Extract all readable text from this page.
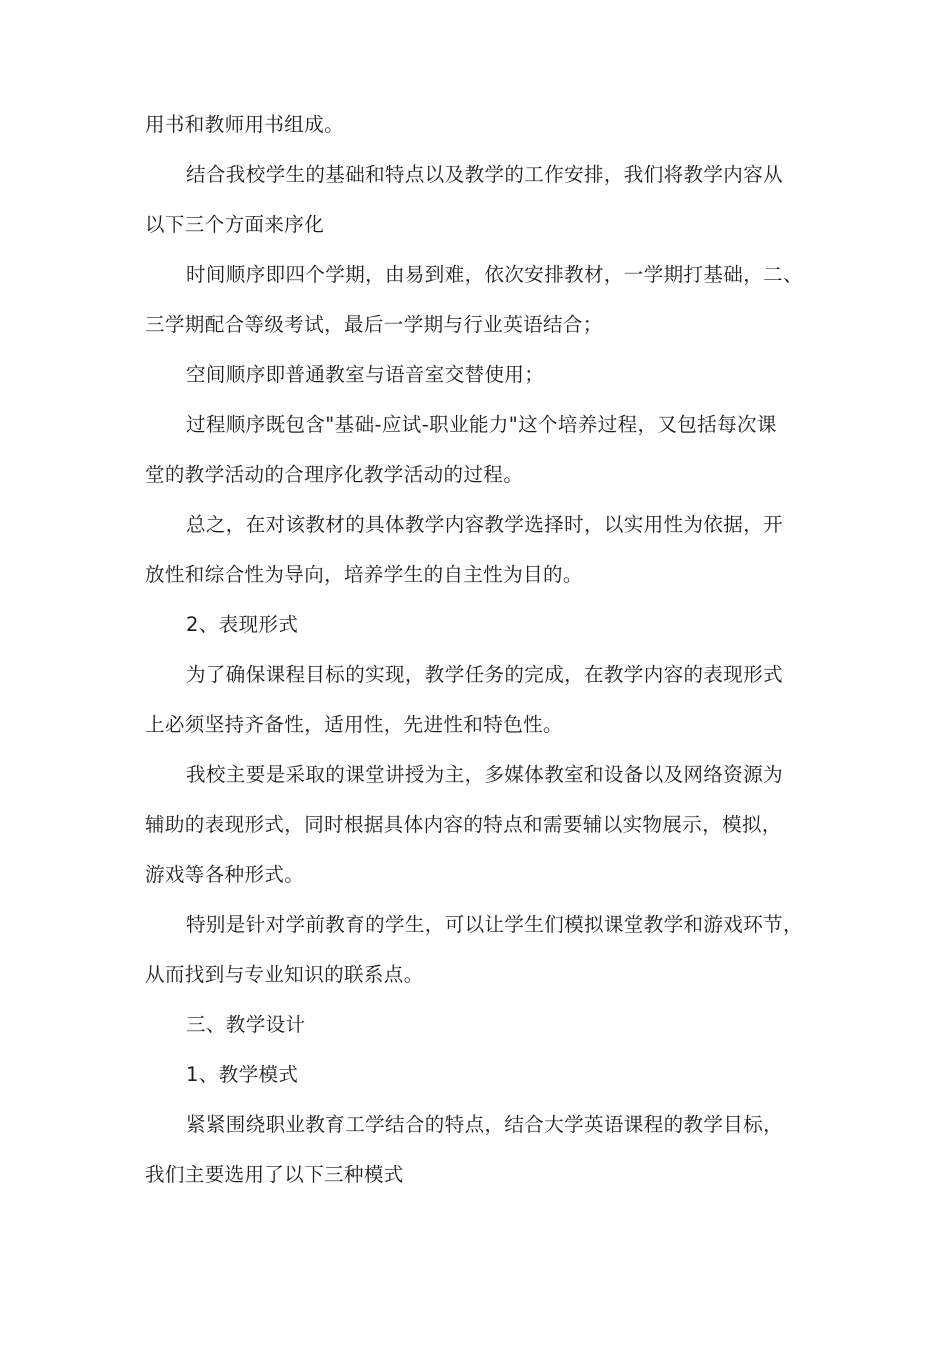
用书和教师用书组成。
结合我校学生的基础和特点以及教学的工作安排，我们将教学内容从
以下三个方面来序化
时间顺序即四个学期，由易到难，依次安排教材，一学期打基础，二、
三学期配合等级考试，最后一学期与行业英语结合；
空间顺序即普通教室与语音室交替使用；
过程顺序既包含"基础-应试-职业能力"这个培养过程，又包括每次课
堂的教学活动的合理序化教学活动的过程。
总之，在对该教材的具体教学内容教学选择时，以实用性为依据，开
放性和综合性为导向，培养学生的自主性为目的。
2、表现形式
为了确保课程目标的实现，教学任务的完成，在教学内容的表现形式
上必须坚持齐备性，适用性，先进性和特色性。
我校主要是采取的课堂讲授为主，多媒体教室和设备以及网络资源为
辅助的表现形式，同时根据具体内容的特点和需要辅以实物展示，模拟，
游戏等各种形式。
特别是针对学前教育的学生，可以让学生们模拟课堂教学和游戏环节，
从而找到与专业知识的联系点。
三、教学设计
1、教学模式
紧紧围绕职业教育工学结合的特点，结合大学英语课程的教学目标，
我们主要选用了以下三种模式
